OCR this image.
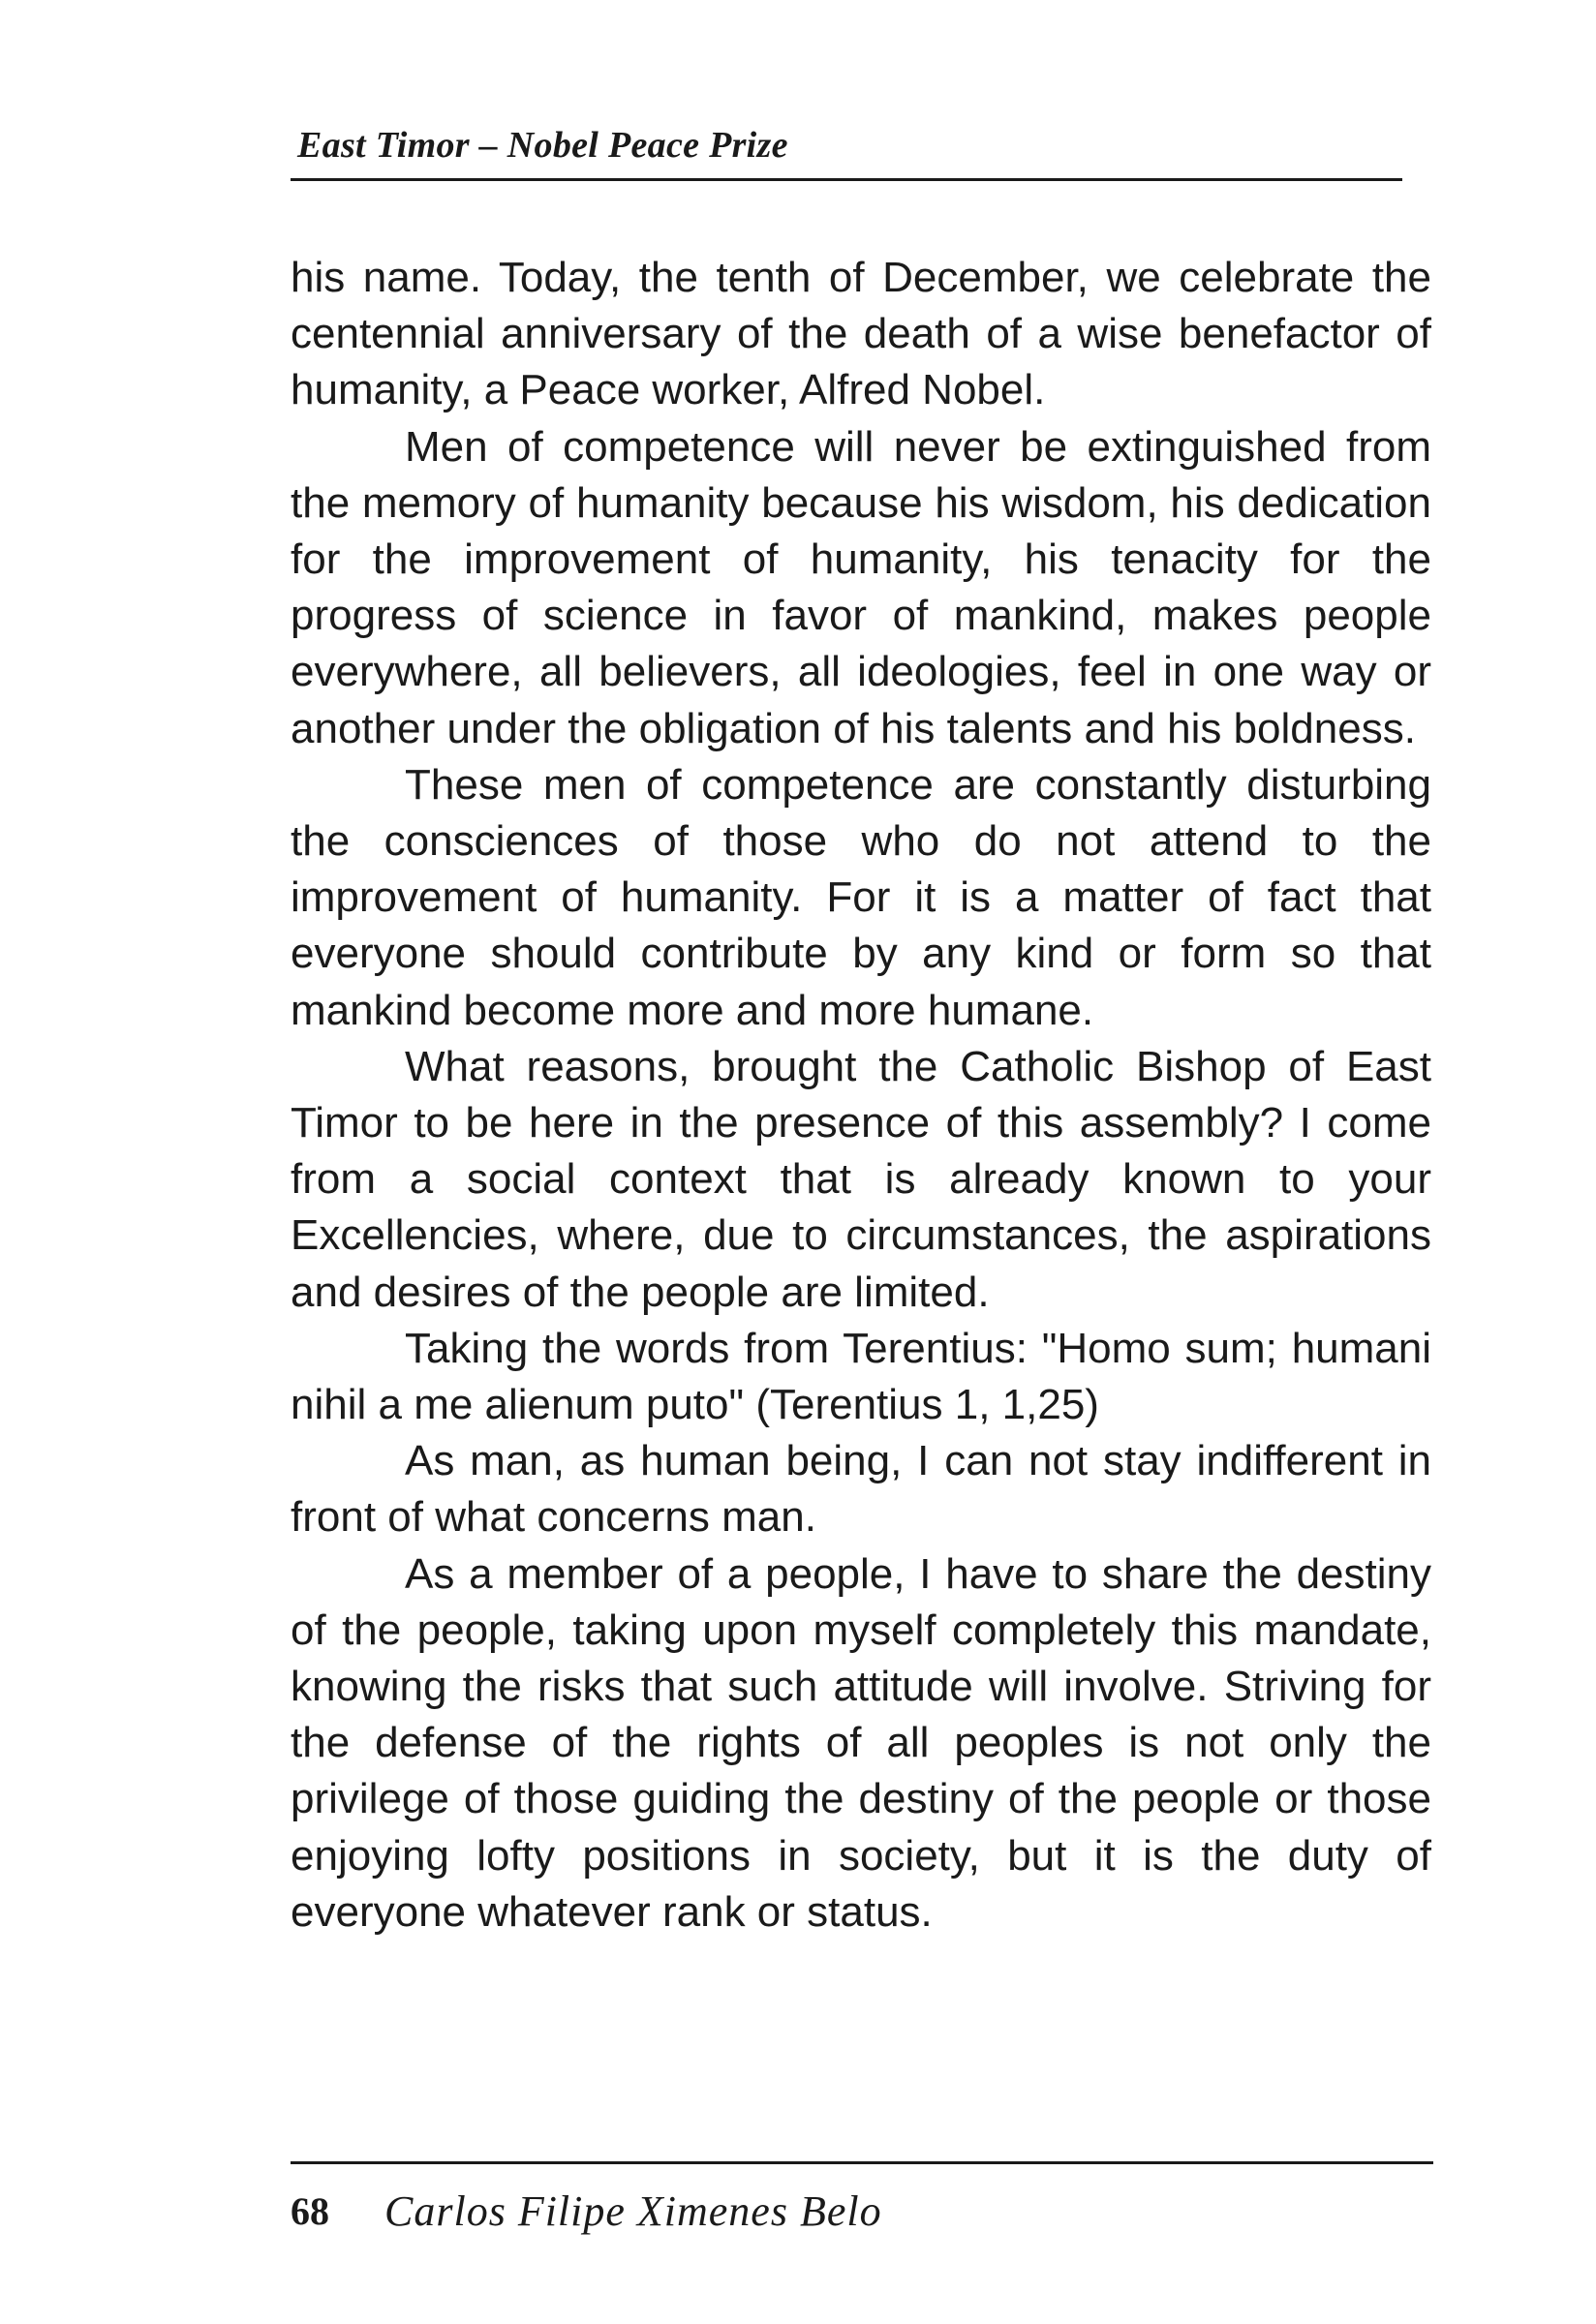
East Timor – Nobel Peace Prize

his name. Today, the tenth of December, we celebrate the centennial anniversary of the death of a wise benefactor of humanity, a Peace worker, Alfred Nobel.

Men of competence will never be extinguished from the memory of humanity because his wisdom, his dedication for the improvement of humanity, his tenacity for the progress of science in favor of mankind, makes people everywhere, all believers, all ideologies, feel in one way or another under the obligation of his talents and his boldness.

These men of competence are constantly disturbing the consciences of those who do not attend to the improvement of humanity. For it is a matter of fact that everyone should contribute by any kind or form so that mankind become more and more humane.

What reasons, brought the Catholic Bishop of East Timor to be here in the presence of this assembly? I come from a social context that is already known to your Excellencies, where, due to circumstances, the aspirations and desires of the people are limited.

Taking the words from Terentius: "Homo sum; humani nihil a me alienum puto" (Terentius 1, 1,25)

As man, as human being, I can not stay indifferent in front of what concerns man.

As a member of a people, I have to share the destiny of the people, taking upon myself completely this mandate, knowing the risks that such attitude will involve. Striving for the defense of the rights of all peoples is not only the privilege of those guiding the destiny of the people or those enjoying lofty positions in society, but it is the duty of everyone whatever rank or status.

68 Carlos Filipe Ximenes Belo
